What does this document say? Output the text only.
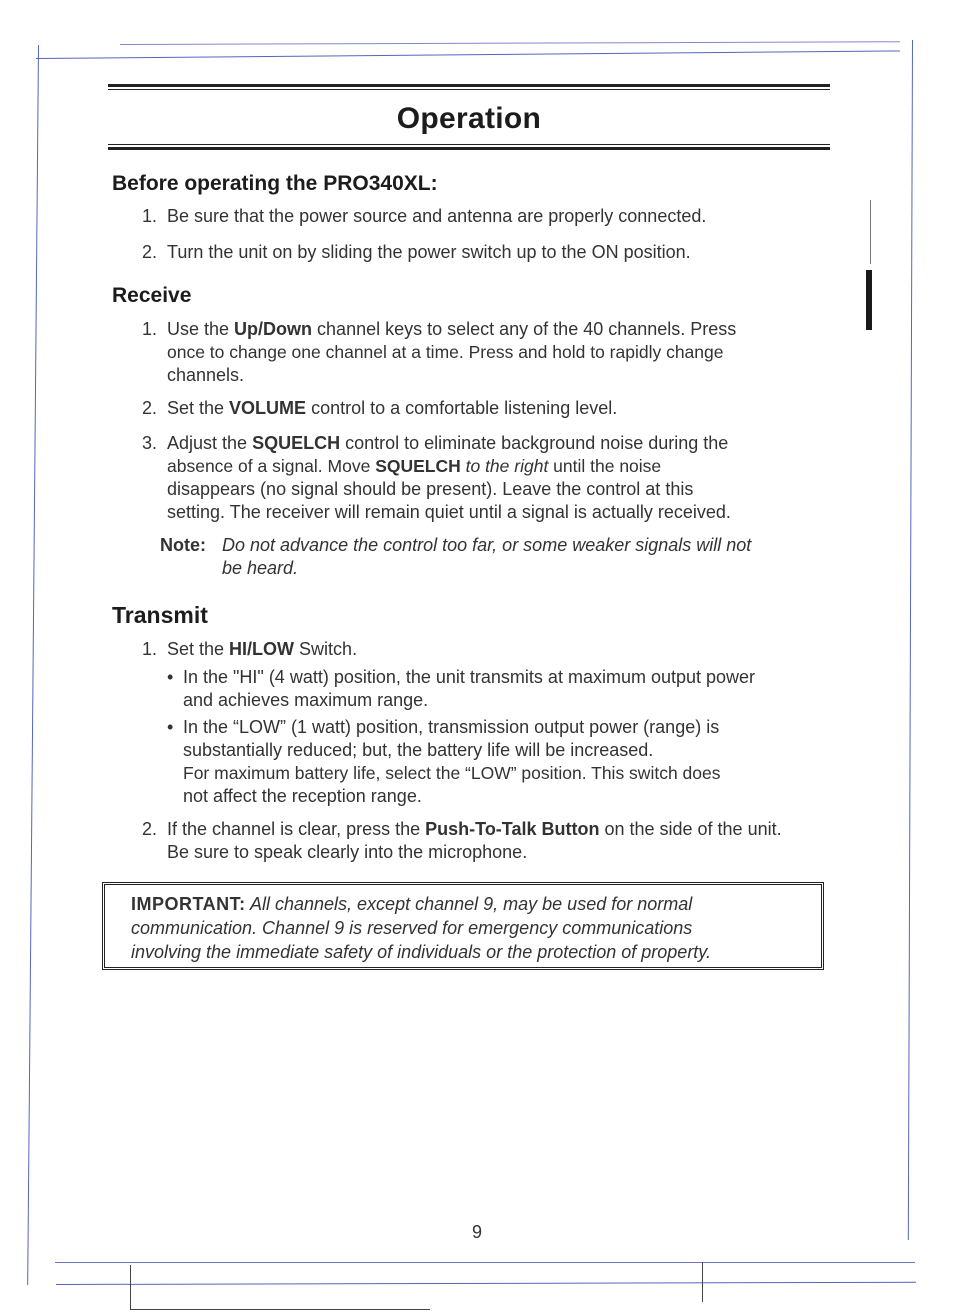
Operation
Before operating the PRO340XL:
1. Be sure that the power source and antenna are properly connected.
2. Turn the unit on by sliding the power switch up to the ON position.
Receive
1. Use the Up/Down channel keys to select any of the 40 channels. Press
once to change one channel at a time. Press and hold to rapidly change
channels.
2. Set the VOLUME control to a comfortable listening level.
3. Adjust the SQUELCH control to eliminate background noise during the
absence of a signal. Move SQUELCH to the right until the noise
disappears (no signal should be present). Leave the control at this
setting. The receiver will remain quiet until a signal is actually received.
Note: Do not advance the control too far, or some weaker signals will not
be heard.
Transmit
1. Set the HI/LOW Switch.
• In the "HI" (4 watt) position, the unit transmits at maximum output power
and achieves maximum range.
• In the “LOW” (1 watt) position, transmission output power (range) is
substantially reduced; but, the battery life will be increased.
For maximum battery life, select the “LOW” position. This switch does
not affect the reception range.
2. If the channel is clear, press the Push-To-Talk Button on the side of the unit.
Be sure to speak clearly into the microphone.
IMPORTANT: All channels, except channel 9, may be used for normal
communication. Channel 9 is reserved for emergency communications
involving the immediate safety of individuals or the protection of property.
9
